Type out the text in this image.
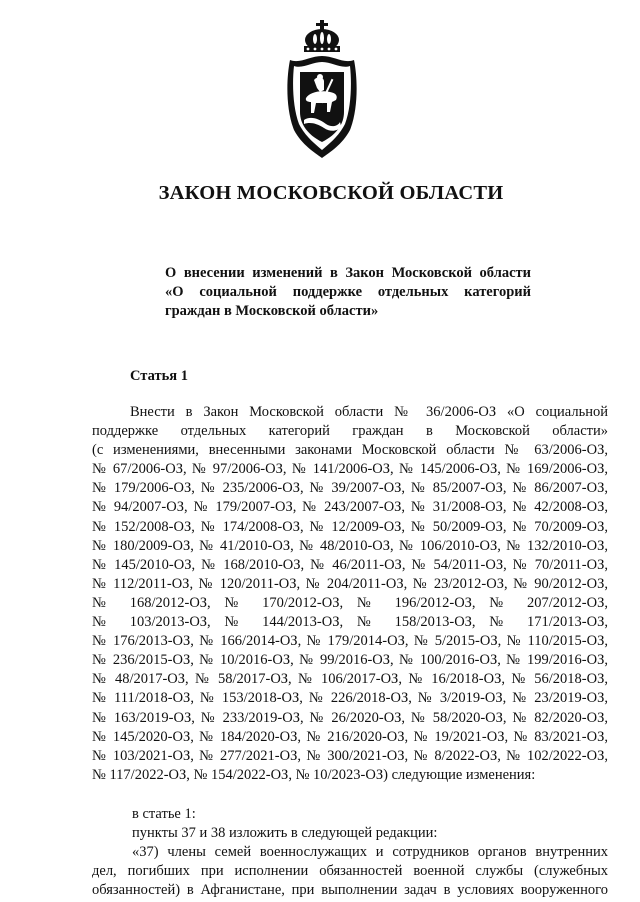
ЗАКОН МОСКОВСКОЙ ОБЛАСТИ
О внесении изменений в Закон Московской области
«О социальной поддержке отдельных категорий
граждан в Московской области»
Статья 1
Внести в Закон Московской области № 36/2006-ОЗ «О социальной
поддержке отдельных категорий граждан в Московской области»
(с изменениями, внесенными законами Московской области № 63/2006-ОЗ,
№ 67/2006-ОЗ, № 97/2006-ОЗ, № 141/2006-ОЗ, № 145/2006-ОЗ, № 169/2006-ОЗ,
№ 179/2006-ОЗ, № 235/2006-ОЗ, № 39/2007-ОЗ, № 85/2007-ОЗ, № 86/2007-ОЗ,
№ 94/2007-ОЗ, № 179/2007-ОЗ, № 243/2007-ОЗ, № 31/2008-ОЗ, № 42/2008-ОЗ,
№ 152/2008-ОЗ, № 174/2008-ОЗ, № 12/2009-ОЗ, № 50/2009-ОЗ, № 70/2009-ОЗ,
№ 180/2009-ОЗ, № 41/2010-ОЗ, № 48/2010-ОЗ, № 106/2010-ОЗ, № 132/2010-ОЗ,
№ 145/2010-ОЗ, № 168/2010-ОЗ, № 46/2011-ОЗ, № 54/2011-ОЗ, № 70/2011-ОЗ,
№ 112/2011-ОЗ, № 120/2011-ОЗ, № 204/2011-ОЗ, № 23/2012-ОЗ, № 90/2012-ОЗ,
№ 168/2012-ОЗ, № 170/2012-ОЗ, № 196/2012-ОЗ, № 207/2012-ОЗ,
№ 103/2013-ОЗ, № 144/2013-ОЗ, № 158/2013-ОЗ, № 171/2013-ОЗ,
№ 176/2013-ОЗ, № 166/2014-ОЗ, № 179/2014-ОЗ, № 5/2015-ОЗ, № 110/2015-ОЗ,
№ 236/2015-ОЗ, № 10/2016-ОЗ, № 99/2016-ОЗ, № 100/2016-ОЗ, № 199/2016-ОЗ,
№ 48/2017-ОЗ, № 58/2017-ОЗ, № 106/2017-ОЗ, № 16/2018-ОЗ, № 56/2018-ОЗ,
№ 111/2018-ОЗ, № 153/2018-ОЗ, № 226/2018-ОЗ, № 3/2019-ОЗ, № 23/2019-ОЗ,
№ 163/2019-ОЗ, № 233/2019-ОЗ, № 26/2020-ОЗ, № 58/2020-ОЗ, № 82/2020-ОЗ,
№ 145/2020-ОЗ, № 184/2020-ОЗ, № 216/2020-ОЗ, № 19/2021-ОЗ, № 83/2021-ОЗ,
№ 103/2021-ОЗ, № 277/2021-ОЗ, № 300/2021-ОЗ, № 8/2022-ОЗ, № 102/2022-ОЗ,
№ 117/2022-ОЗ, № 154/2022-ОЗ, № 10/2023-ОЗ) следующие изменения:
в статье 1:
пункты 37 и 38 изложить в следующей редакции:
«37) члены семей военнослужащих и сотрудников органов внутренних
дел, погибших при исполнении обязанностей военной службы (служебных
обязанностей) в Афганистане, при выполнении задач в условиях вооруженного
